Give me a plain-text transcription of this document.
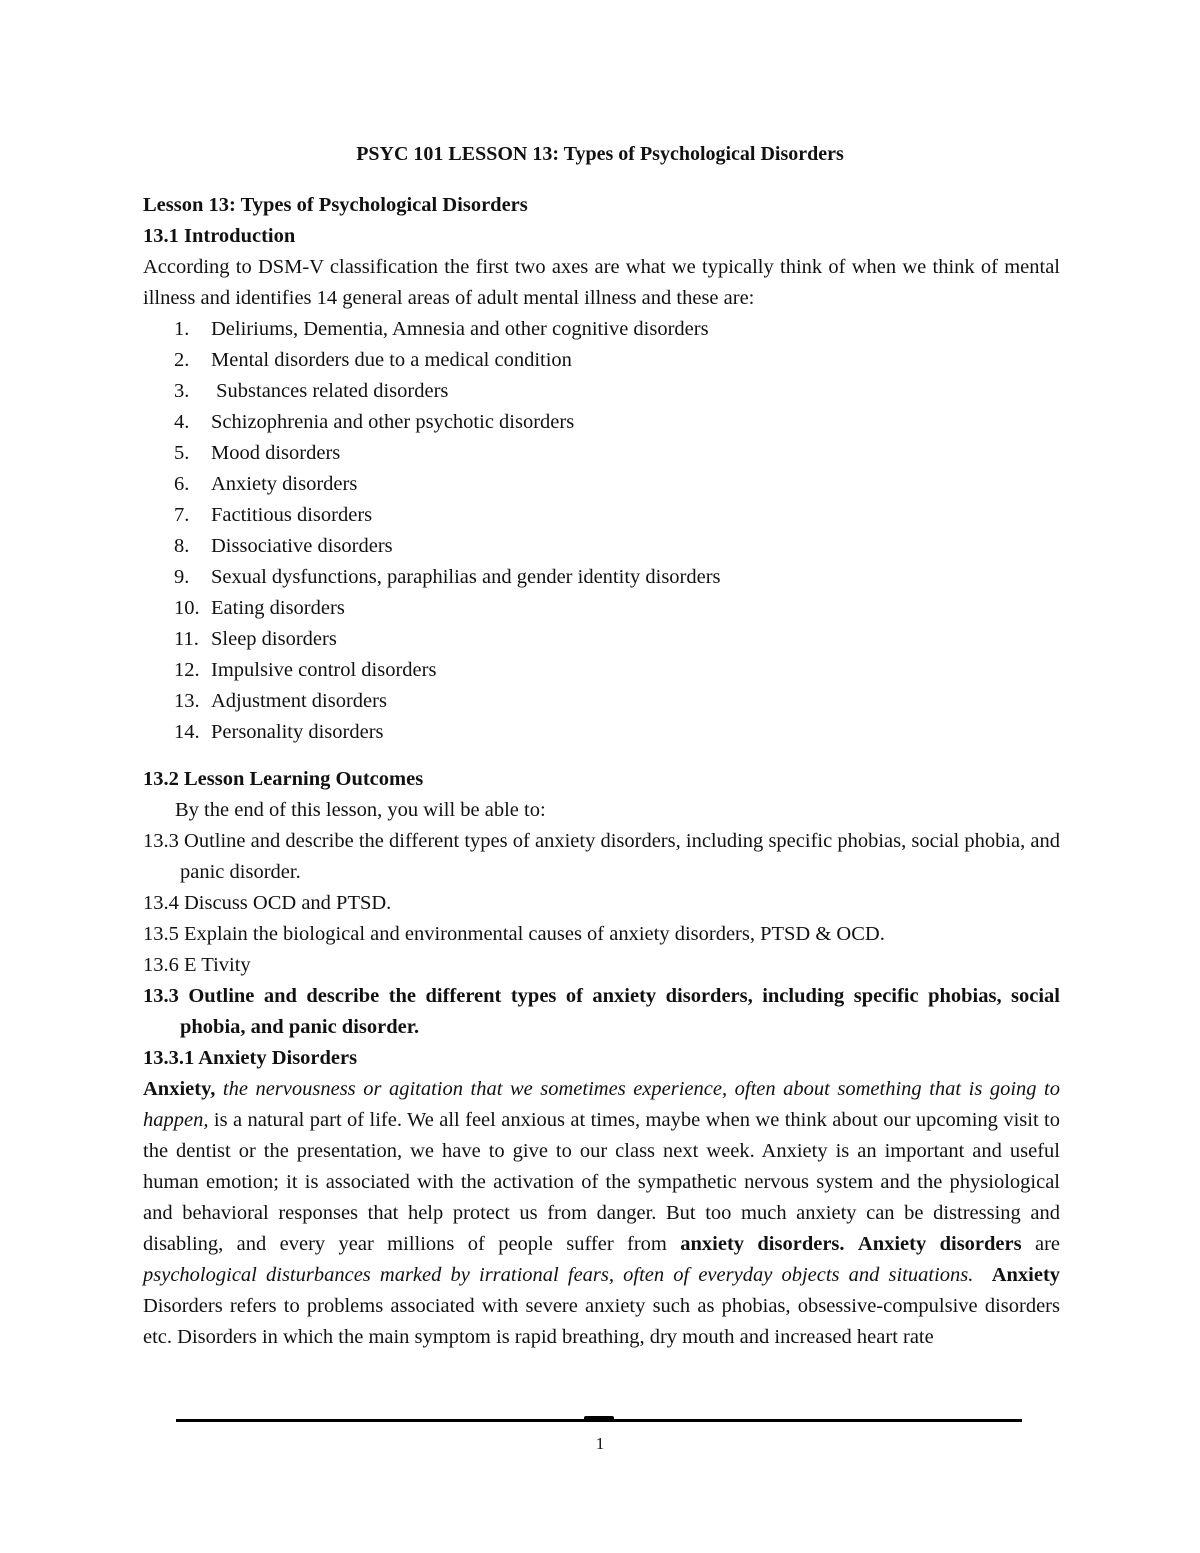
PSYC 101 LESSON 13: Types of Psychological Disorders
Lesson 13: Types of Psychological Disorders
13.1 Introduction
According to DSM-V classification the first two axes are what we typically think of when we think of mental illness and identifies 14 general areas of adult mental illness and these are:
1. Deliriums, Dementia, Amnesia and other cognitive disorders
2. Mental disorders due to a medical condition
3. Substances related disorders
4. Schizophrenia and other psychotic disorders
5. Mood disorders
6. Anxiety disorders
7. Factitious disorders
8. Dissociative disorders
9. Sexual dysfunctions, paraphilias and gender identity disorders
10. Eating disorders
11. Sleep disorders
12. Impulsive control disorders
13. Adjustment disorders
14. Personality disorders
13.2 Lesson Learning Outcomes
By the end of this lesson, you will be able to:
13.3 Outline and describe the different types of anxiety disorders, including specific phobias, social phobia, and panic disorder.
13.4 Discuss OCD and PTSD.
13.5 Explain the biological and environmental causes of anxiety disorders, PTSD & OCD.
13.6 E Tivity
13.3 Outline and describe the different types of anxiety disorders, including specific phobias, social phobia, and panic disorder.
13.3.1 Anxiety Disorders
Anxiety, the nervousness or agitation that we sometimes experience, often about something that is going to happen, is a natural part of life. We all feel anxious at times, maybe when we think about our upcoming visit to the dentist or the presentation, we have to give to our class next week. Anxiety is an important and useful human emotion; it is associated with the activation of the sympathetic nervous system and the physiological and behavioral responses that help protect us from danger. But too much anxiety can be distressing and disabling, and every year millions of people suffer from anxiety disorders. Anxiety disorders are psychological disturbances marked by irrational fears, often of everyday objects and situations. Anxiety Disorders refers to problems associated with severe anxiety such as phobias, obsessive-compulsive disorders etc. Disorders in which the main symptom is rapid breathing, dry mouth and increased heart rate
1
